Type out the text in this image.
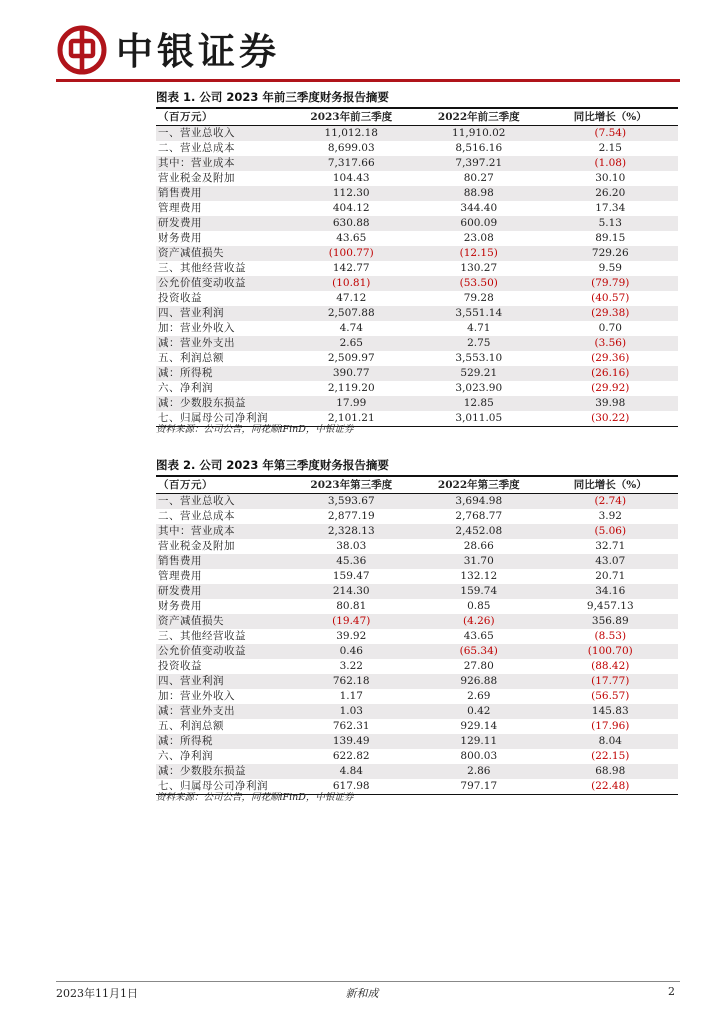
中银证券
图表 1. 公司 2023 年前三季度财务报告摘要
（百万元）	2023年前三季度	2022年前三季度	同比增长（%）
一、营业总收入	11,012.18	11,910.02	(7.54)
二、营业总成本	8,699.03	8,516.16	2.15
其中：营业成本	7,317.66	7,397.21	(1.08)
营业税金及附加	104.43	80.27	30.10
销售费用	112.30	88.98	26.20
管理费用	404.12	344.40	17.34
研发费用	630.88	600.09	5.13
财务费用	43.65	23.08	89.15
资产减值损失	(100.77)	(12.15)	729.26
三、其他经营收益	142.77	130.27	9.59
公允价值变动收益	(10.81)	(53.50)	(79.79)
投资收益	47.12	79.28	(40.57)
四、营业利润	2,507.88	3,551.14	(29.38)
加：营业外收入	4.74	4.71	0.70
减：营业外支出	2.65	2.75	(3.56)
五、利润总额	2,509.97	3,553.10	(29.36)
减：所得税	390.77	529.21	(26.16)
六、净利润	2,119.20	3,023.90	(29.92)
减：少数股东损益	17.99	12.85	39.98
七、归属母公司净利润	2,101.21	3,011.05	(30.22)
资料来源：公司公告，同花顺iFinD，中银证券
图表 2. 公司 2023 年第三季度财务报告摘要
（百万元）	2023年第三季度	2022年第三季度	同比增长（%）
一、营业总收入	3,593.67	3,694.98	(2.74)
二、营业总成本	2,877.19	2,768.77	3.92
其中：营业成本	2,328.13	2,452.08	(5.06)
营业税金及附加	38.03	28.66	32.71
销售费用	45.36	31.70	43.07
管理费用	159.47	132.12	20.71
研发费用	214.30	159.74	34.16
财务费用	80.81	0.85	9,457.13
资产减值损失	(19.47)	(4.26)	356.89
三、其他经营收益	39.92	43.65	(8.53)
公允价值变动收益	0.46	(65.34)	(100.70)
投资收益	3.22	27.80	(88.42)
四、营业利润	762.18	926.88	(17.77)
加：营业外收入	1.17	2.69	(56.57)
减：营业外支出	1.03	0.42	145.83
五、利润总额	762.31	929.14	(17.96)
减：所得税	139.49	129.11	8.04
六、净利润	622.82	800.03	(22.15)
减：少数股东损益	4.84	2.86	68.98
七、归属母公司净利润	617.98	797.17	(22.48)
资料来源：公司公告，同花顺iFinD，中银证券
2023年11月1日	新和成	2
